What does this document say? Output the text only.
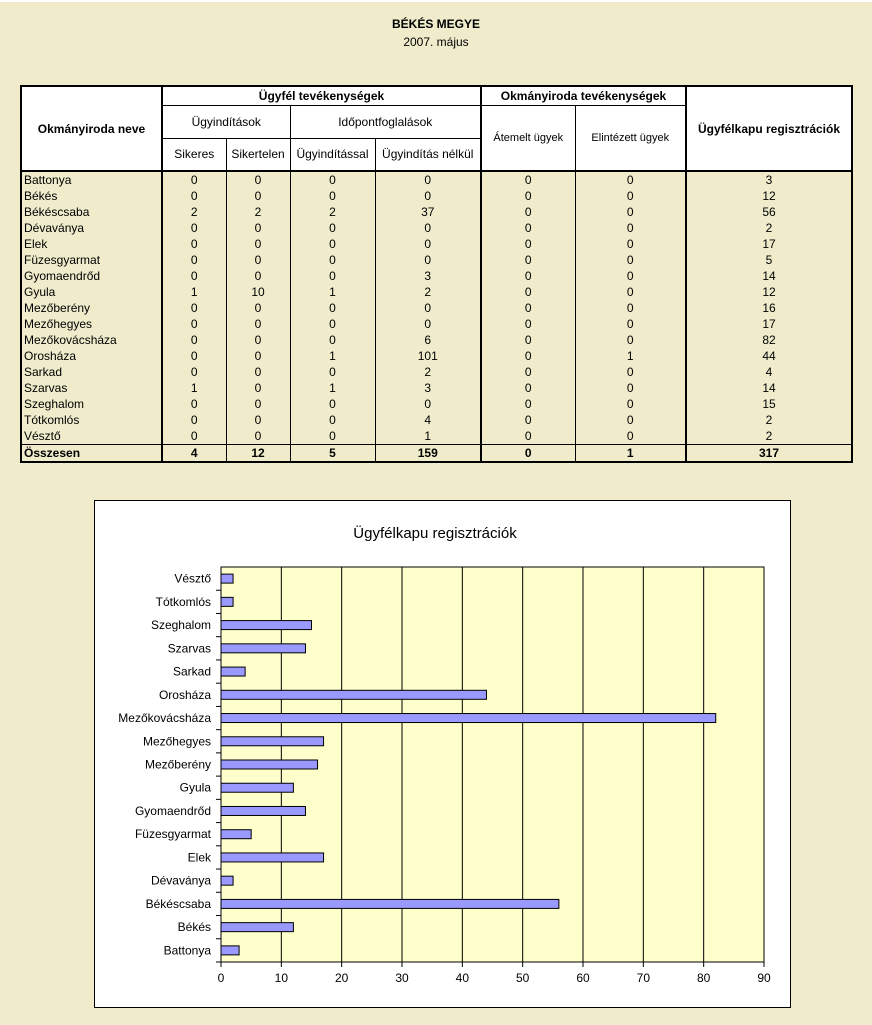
BÉKÉS MEGYE
2007. május
Okmányiroda neve	Ügyfél tevékenységek				Okmányiroda tevékenységek		Ügyfélkapu regisztrációk
	Ügyindítások		Időpontfoglalások		Átemelt ügyek	Elintézett ügyek	
	Sikeres	Sikertelen	Ügyindítással	Ügyindítás nélkül			
Battonya	0	0	0	0	0	0	3
Békés	0	0	0	0	0	0	12
Békéscsaba	2	2	2	37	0	0	56
Dévaványa	0	0	0	0	0	0	2
Elek	0	0	0	0	0	0	17
Füzesgyarmat	0	0	0	0	0	0	5
Gyomaendrőd	0	0	0	3	0	0	14
Gyula	1	10	1	2	0	0	12
Mezőberény	0	0	0	0	0	0	16
Mezőhegyes	0	0	0	0	0	0	17
Mezőkovácsháza	0	0	0	6	0	0	82
Orosháza	0	0	1	101	0	1	44
Sarkad	0	0	0	2	0	0	4
Szarvas	1	0	1	3	0	0	14
Szeghalom	0	0	0	0	0	0	15
Tótkomlós	0	0	0	4	0	0	2
Vésztő	0	0	0	1	0	0	2
Összesen	4	12	5	159	0	1	317
Ügyfélkapu regisztrációk
0	10	20	30	40	50	60	70	80	90
Battonya
Békés
Békéscsaba
Dévaványa
Elek
Füzesgyarmat
Gyomaendrőd
Gyula
Mezőberény
Mezőhegyes
Mezőkovácsháza
Orosháza
Sarkad
Szarvas
Szeghalom
Tótkomlós
Vésztő
